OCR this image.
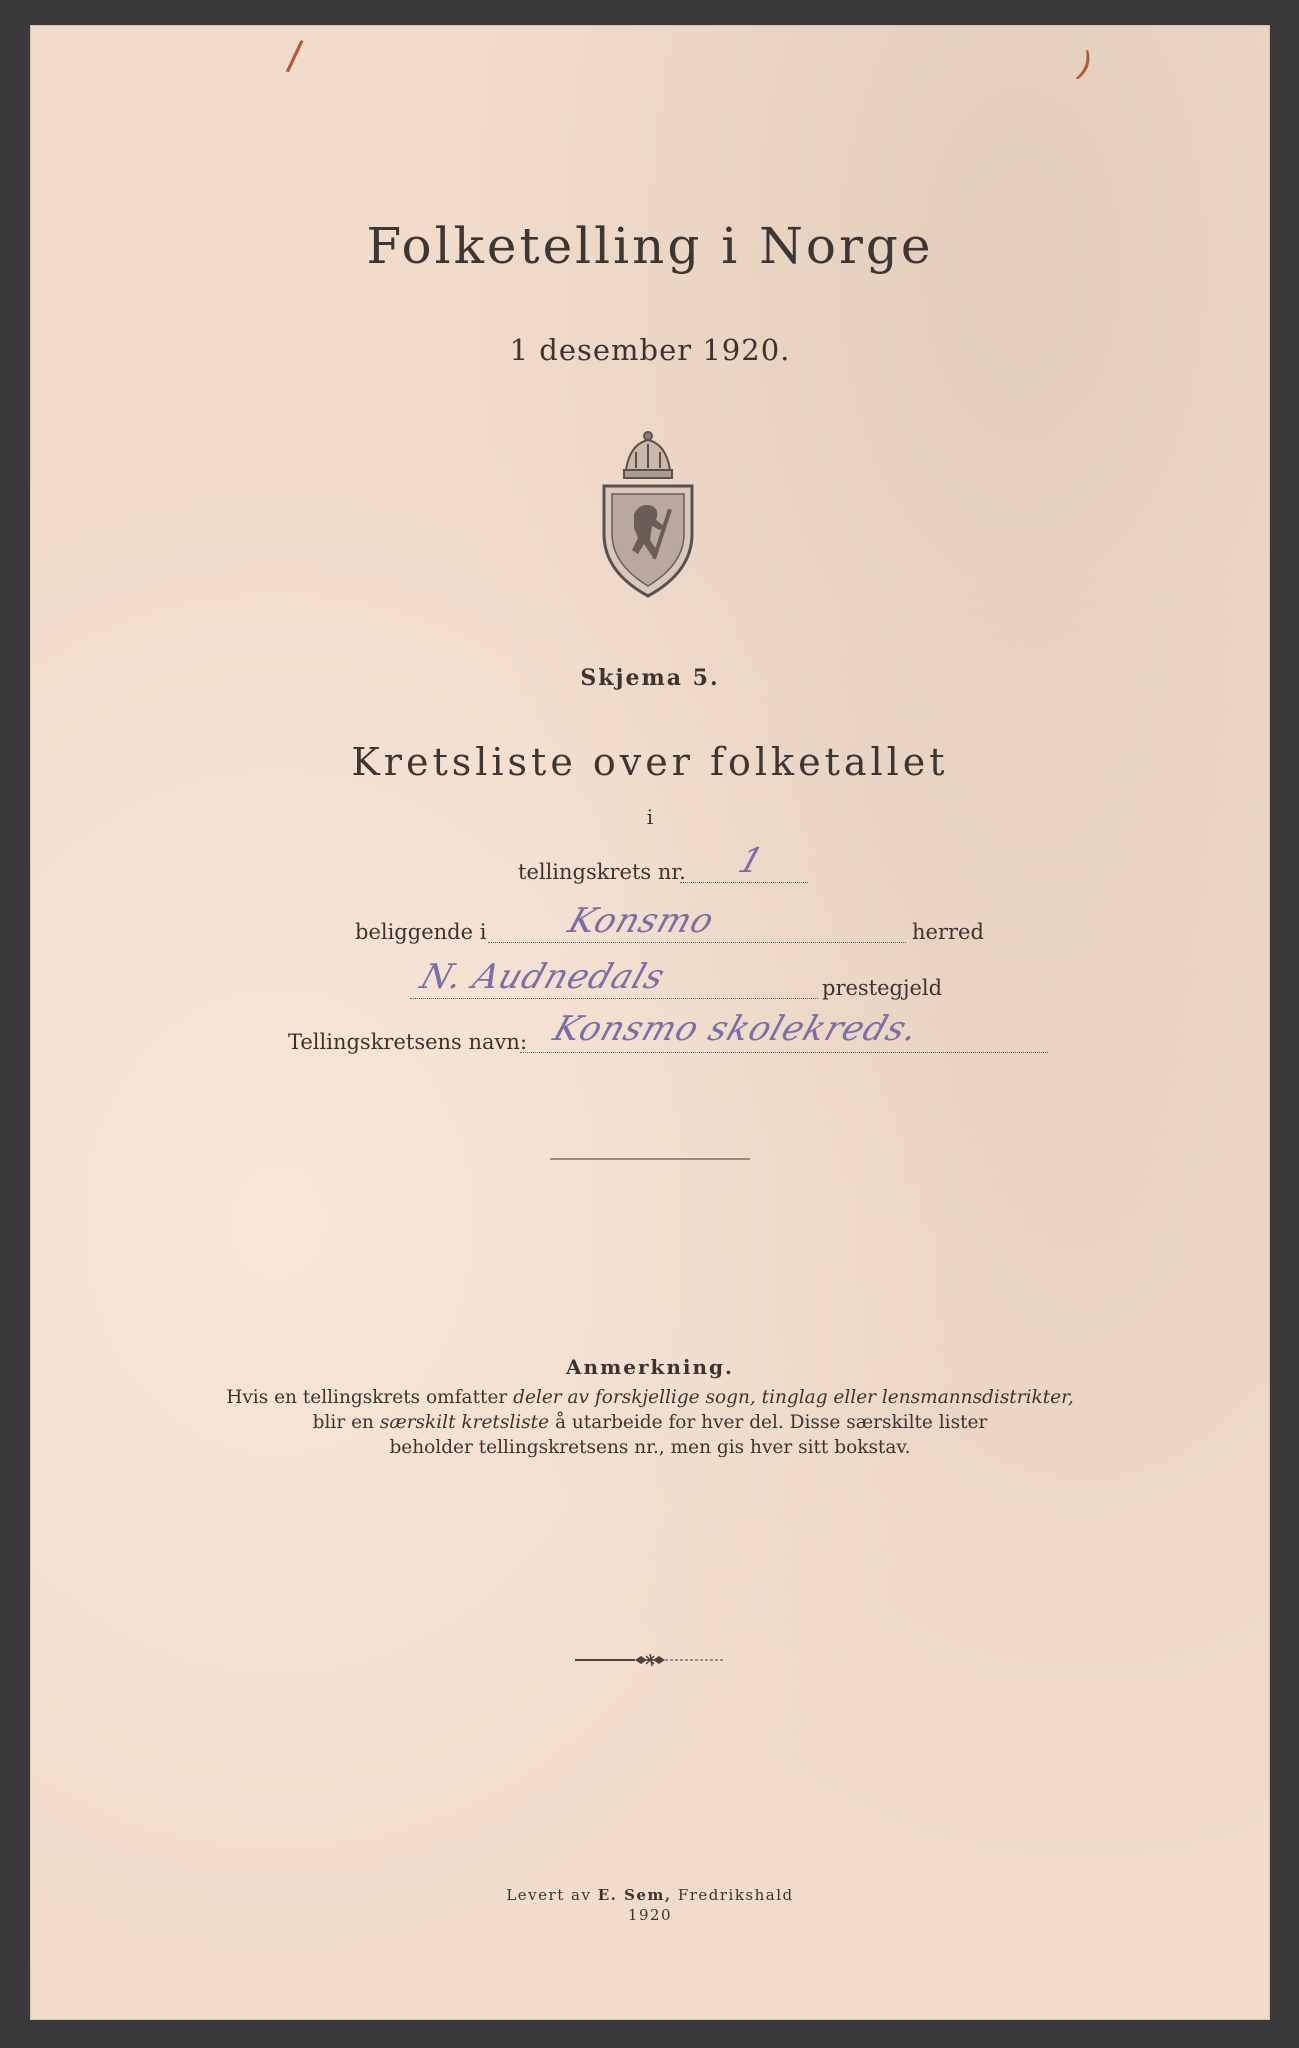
/	)
Folketelling i Norge
1 desember 1920.
Skjema 5.
Kretsliste over folketallet
i
tellingskrets nr. 1
beliggende i Konsmo	herred
N. Audnedals	prestegjeld
Tellingskretsens navn: Konsmo skolekreds.
Anmerkning.
Hvis en tellingskrets omfatter deler av forskjellige sogn, tinglag eller lensmannsdistrikter,
blir en særskilt kretsliste å utarbeide for hver del. Disse særskilte lister
beholder tellingskretsens nr., men gis hver sitt bokstav.
Levert av E. Sem, Fredrikshald
1920
